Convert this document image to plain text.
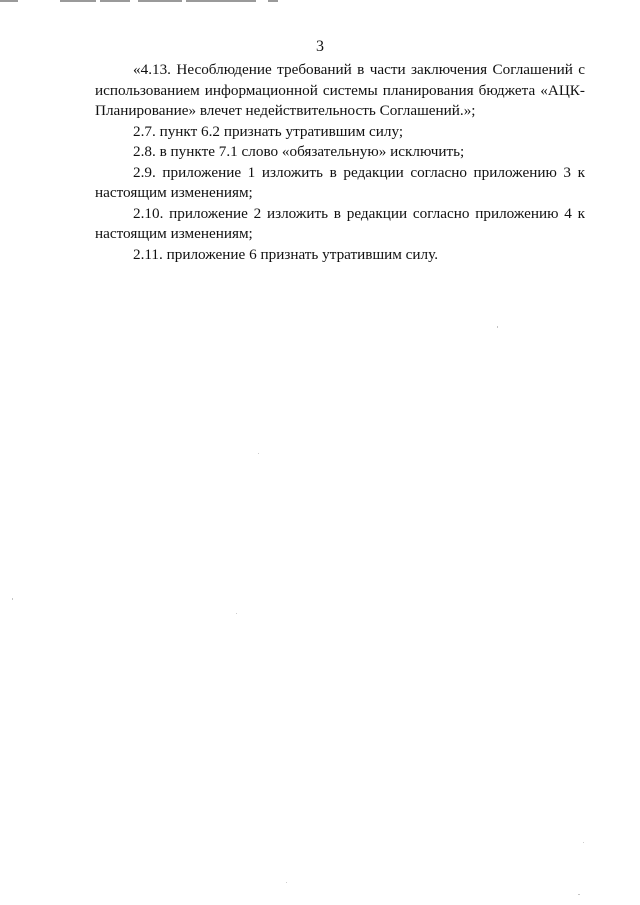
3

«4.13. Несоблюдение требований в части заключения Соглашений с использованием информационной системы планирования бюджета «АЦК-Планирование» влечет недействительность Соглашений.»;

2.7. пункт 6.2 признать утратившим силу;

2.8. в пункте 7.1 слово «обязательную» исключить;

2.9. приложение 1 изложить в редакции согласно приложению 3 к настоящим изменениям;

2.10. приложение 2 изложить в редакции согласно приложению 4 к настоящим изменениям;

2.11. приложение 6 признать утратившим силу.
